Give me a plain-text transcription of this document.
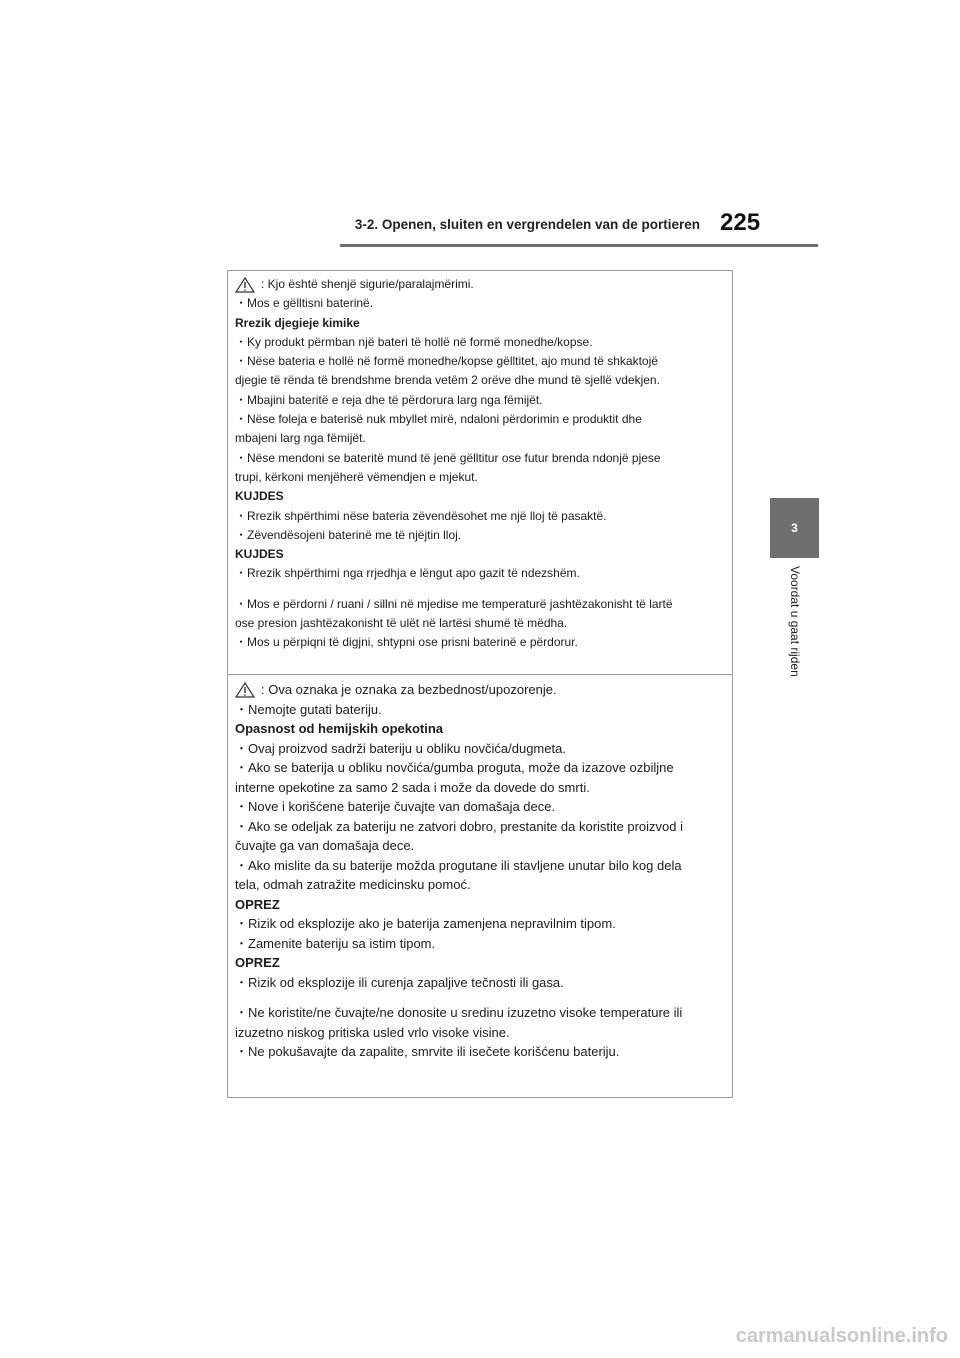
3-2. Openen, sluiten en vergrendelen van de portieren 225
3
Voordat u gaat rijden
: Kjo është shenjë sigurie/paralajmërimi.
・Mos e gëlltisni baterinë.
Rrezik djegieje kimike
・Ky produkt përmban një bateri të hollë në formë monedhe/kopse.
・Nëse bateria e hollë në formë monedhe/kopse gëlltitet, ajo mund të shkaktojë
djegie të rënda të brendshme brenda vetëm 2 orëve dhe mund të sjellë vdekjen.
・Mbajini bateritë e reja dhe të përdorura larg nga fëmijët.
・Nëse foleja e baterisë nuk mbyllet mirë, ndaloni përdorimin e produktit dhe
mbajeni larg nga fëmijët.
・Nëse mendoni se bateritë mund të jenë gëlltitur ose futur brenda ndonjë pjese
trupi, kërkoni menjëherë vëmendjen e mjekut.
KUJDES
・Rrezik shpërthimi nëse bateria zëvendësohet me një lloj të pasaktë.
・Zëvendësojeni baterinë me të njëjtin lloj.
KUJDES
・Rrezik shpërthimi nga rrjedhja e lëngut apo gazit të ndezshëm.
・Mos e përdorni / ruani / sillni në mjedise me temperaturë jashtëzakonisht të lartë
ose presion jashtëzakonisht të ulët në lartësi shumë të mëdha.
・Mos u përpiqni të digjni, shtypni ose prisni baterinë e përdorur.
: Ova oznaka je oznaka za bezbednost/upozorenje.
・Nemojte gutati bateriju.
Opasnost od hemijskih opekotina
・Ovaj proizvod sadrži bateriju u obliku novčića/dugmeta.
・Ako se baterija u obliku novčića/gumba proguta, može da izazove ozbiljne
interne opekotine za samo 2 sada i može da dovede do smrti.
・Nove i korišćene baterije čuvajte van domašaja dece.
・Ako se odeljak za bateriju ne zatvori dobro, prestanite da koristite proizvod i
čuvajte ga van domašaja dece.
・Ako mislite da su baterije možda progutane ili stavljene unutar bilo kog dela
tela, odmah zatražite medicinsku pomoć.
OPREZ
・Rizik od eksplozije ako je baterija zamenjena nepravilnim tipom.
・Zamenite bateriju sa istim tipom.
OPREZ
・Rizik od eksplozije ili curenja zapaljive tečnosti ili gasa.
・Ne koristite/ne čuvajte/ne donosite u sredinu izuzetno visoke temperature ili
izuzetno niskog pritiska usled vrlo visoke visine.
・Ne pokušavajte da zapalite, smrvite ili isečete korišćenu bateriju.
carmanualsonline.info
